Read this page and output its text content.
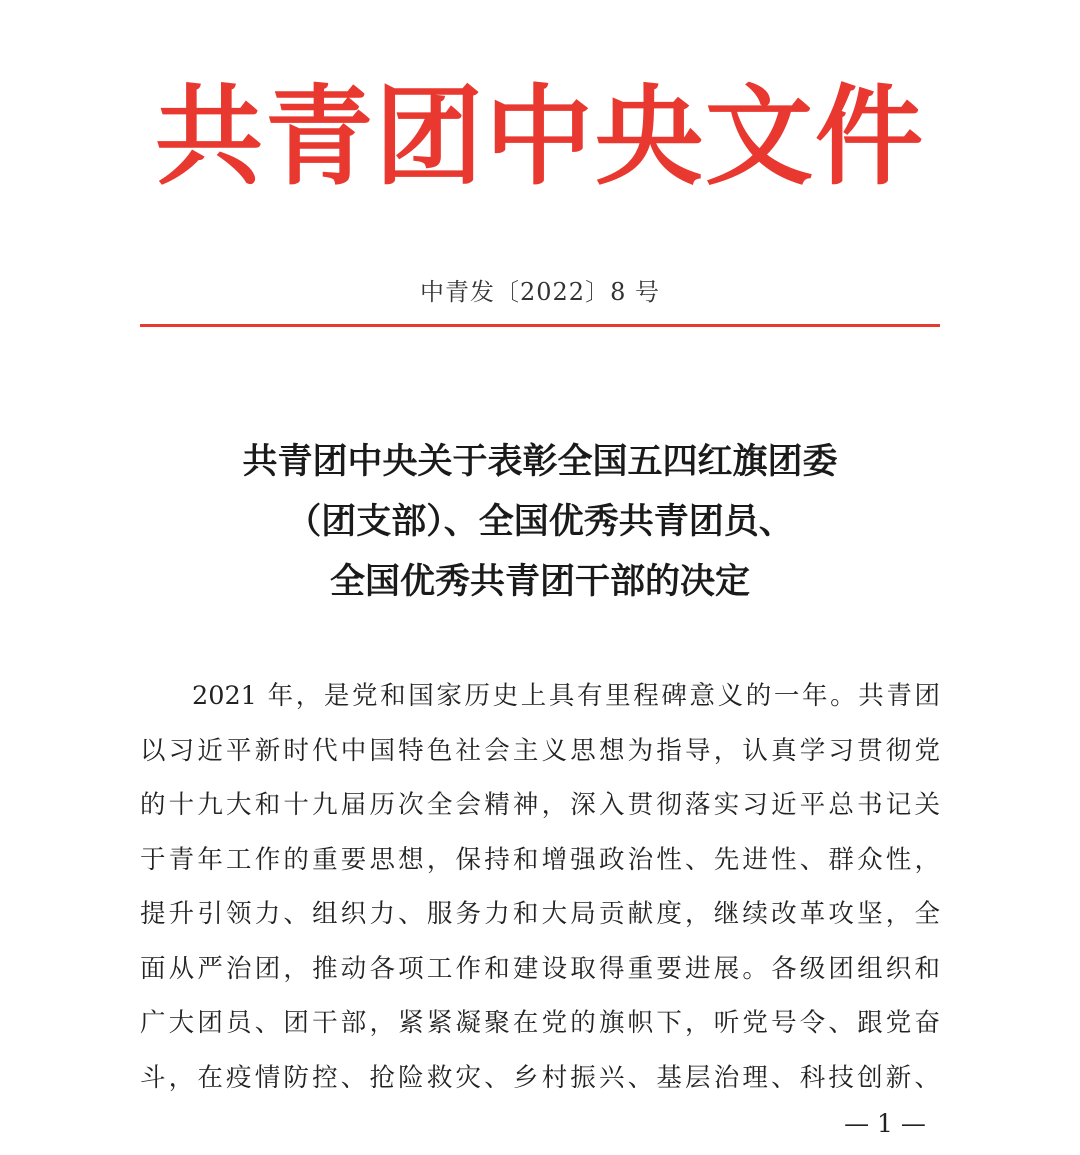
共青团中央文件
中青发〔2022〕8 号
共青团中央关于表彰全国五四红旗团委
（团支部）、全国优秀共青团员、
全国优秀共青团干部的决定
2021 年，是党和国家历史上具有里程碑意义的一年。共青团
以习近平新时代中国特色社会主义思想为指导，认真学习贯彻党
的十九大和十九届历次全会精神，深入贯彻落实习近平总书记关
于青年工作的重要思想，保持和增强政治性、先进性、群众性，
提升引领力、组织力、服务力和大局贡献度，继续改革攻坚，全
面从严治团，推动各项工作和建设取得重要进展。各级团组织和
广大团员、团干部，紧紧凝聚在党的旗帜下，听党号令、跟党奋
斗，在疫情防控、抢险救灾、乡村振兴、基层治理、科技创新、
— 1 —
